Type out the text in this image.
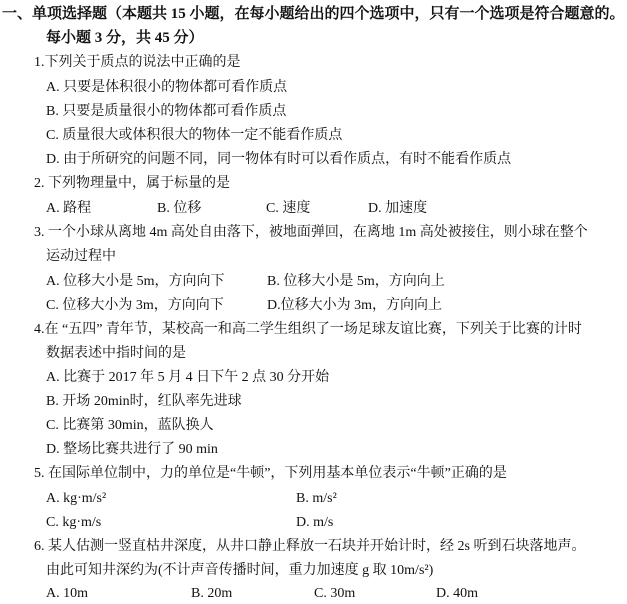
一、单项选择题（本题共 15 小题，在每小题给出的四个选项中，只有一个选项是符合题意的。
每小题 3 分，共 45 分）
1.下列关于质点的说法中正确的是
A. 只要是体积很小的物体都可看作质点
B. 只要是质量很小的物体都可看作质点
C. 质量很大或体积很大的物体一定不能看作质点
D. 由于所研究的问题不同，同一物体有时可以看作质点，有时不能看作质点
2. 下列物理量中，属于标量的是
A. 路程	B. 位移	C. 速度	D. 加速度
3. 一个小球从离地 4m 高处自由落下，被地面弹回，在离地 1m 高处被接住，则小球在整个
运动过程中
A. 位移大小是 5m，方向向下	B. 位移大小是 5m，方向向上
C. 位移大小为 3m，方向向下	D.位移大小为 3m，方向向上
4.在 “五四” 青年节，某校高一和高二学生组织了一场足球友谊比赛，下列关于比赛的计时
数据表述中指时间的是
A. 比赛于 2017 年 5 月 4 日下午 2 点 30 分开始
B. 开场 20min时，红队率先进球
C. 比赛第 30min，蓝队换人
D. 整场比赛共进行了 90 min
5. 在国际单位制中，力的单位是“牛顿”，下列用基本单位表示“牛顿”正确的是
A. kg·m/s²	B. m/s²
C. kg·m/s	D. m/s
6. 某人估测一竖直枯井深度，从井口静止释放一石块并开始计时，经 2s 听到石块落地声。
由此可知井深约为(不计声音传播时间，重力加速度 g 取 10m/s²)
A. 10m	B. 20m	C. 30m	D. 40m
